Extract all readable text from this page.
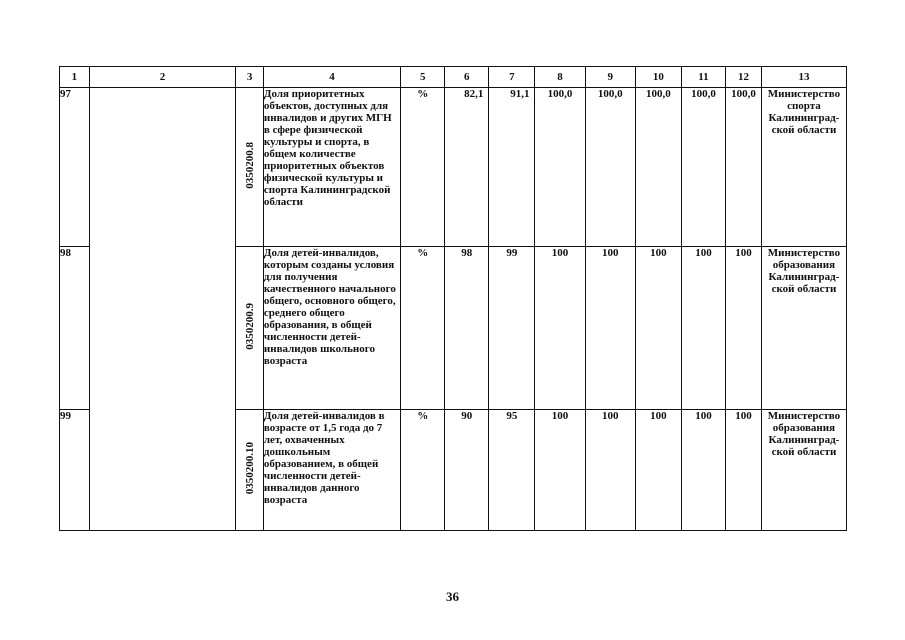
1	2	3	4	5	6	7	8	9	10	11	12	13
97		0350200.8	Доля приоритетных объектов, доступных для инвалидов и других МГН в сфере физической культуры и спорта, в общем количестве приоритетных объектов физической культуры и спорта Калининградской области	%	82,1	91,1	100,0	100,0	100,0	100,0	100,0	Министерство спорта Калининград-ской области
98		0350200.9	Доля детей-инвалидов, которым созданы условия для получения качественного начального общего, основного общего, среднего общего образования, в общей численности детей-инвалидов школьного возраста	%	98	99	100	100	100	100	100	Министерство образования Калининград-ской области
99		0350200.10	Доля детей-инвалидов в возрасте от 1,5 года до 7 лет, охваченных дошкольным образованием, в общей численности детей-инвалидов данного возраста	%	90	95	100	100	100	100	100	Министерство образования Калининград-ской области
36
